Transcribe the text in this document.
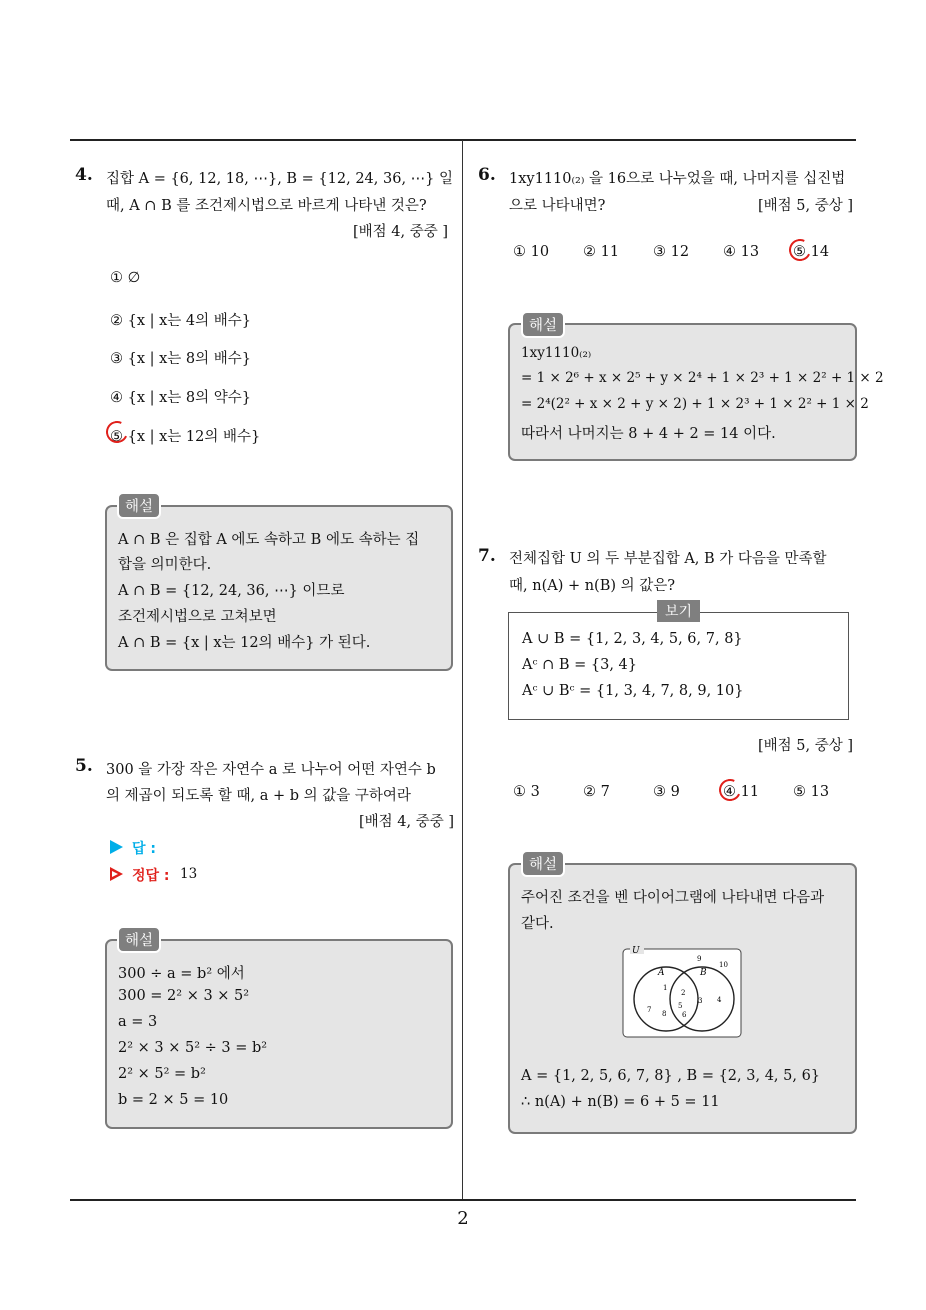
4. 집합 A = {6, 12, 18, ⋯}, B = {12, 24, 36, ⋯} 일
때, A ∩ B 를 조건제시법으로 바르게 나타낸 것은?
[배점 4, 중중 ]
① ∅
② {x | x는 4의 배수}
③ {x | x는 8의 배수}
④ {x | x는 8의 약수}
⑤ {x | x는 12의 배수}
해설
A ∩ B 은 집합 A 에도 속하고 B 에도 속하는 집
합을 의미한다.
A ∩ B = {12, 24, 36, ⋯} 이므로
조건제시법으로 고쳐보면
A ∩ B = {x | x는 12의 배수} 가 된다.
5. 300 을 가장 작은 자연수 a 로 나누어 어떤 자연수 b
의 제곱이 되도록 할 때, a + b 의 값을 구하여라
[배점 4, 중중 ]
답 :
정답 : 13
해설
300 ÷ a = b² 에서
300 = 2² × 3 × 5²
a = 3
2² × 3 × 5² ÷ 3 = b²
2² × 5² = b²
b = 2 × 5 = 10
6. 1xy1110₍₂₎ 을 16으로 나누었을 때, 나머지를 십진법
으로 나타내면?	[배점 5, 중상 ]
① 10 ② 11 ③ 12 ④ 13 ⑤ 14
해설
1xy1110₍₂₎
= 1 × 2⁶ + x × 2⁵ + y × 2⁴ + 1 × 2³ + 1 × 2² + 1 × 2
= 2⁴(2² + x × 2 + y × 2) + 1 × 2³ + 1 × 2² + 1 × 2
따라서 나머지는 8 + 4 + 2 = 14 이다.
7. 전체집합 U 의 두 부분집합 A, B 가 다음을 만족할
때, n(A) + n(B) 의 값은?
보기
A ∪ B = {1, 2, 3, 4, 5, 6, 7, 8}
Aᶜ ∩ B = {3, 4}
Aᶜ ∪ Bᶜ = {1, 3, 4, 7, 8, 9, 10}
[배점 5, 중상 ]
① 3	② 7	③ 9	④ 11 ⑤ 13
해설
주어진 조건을 벤 다이어그램에 나타내면 다음과
같다.
U
A	B
1
7 8
2
5
6
3 4
9
10
A = {1, 2, 5, 6, 7, 8} , B = {2, 3, 4, 5, 6}
∴ n(A) + n(B) = 6 + 5 = 11
2
